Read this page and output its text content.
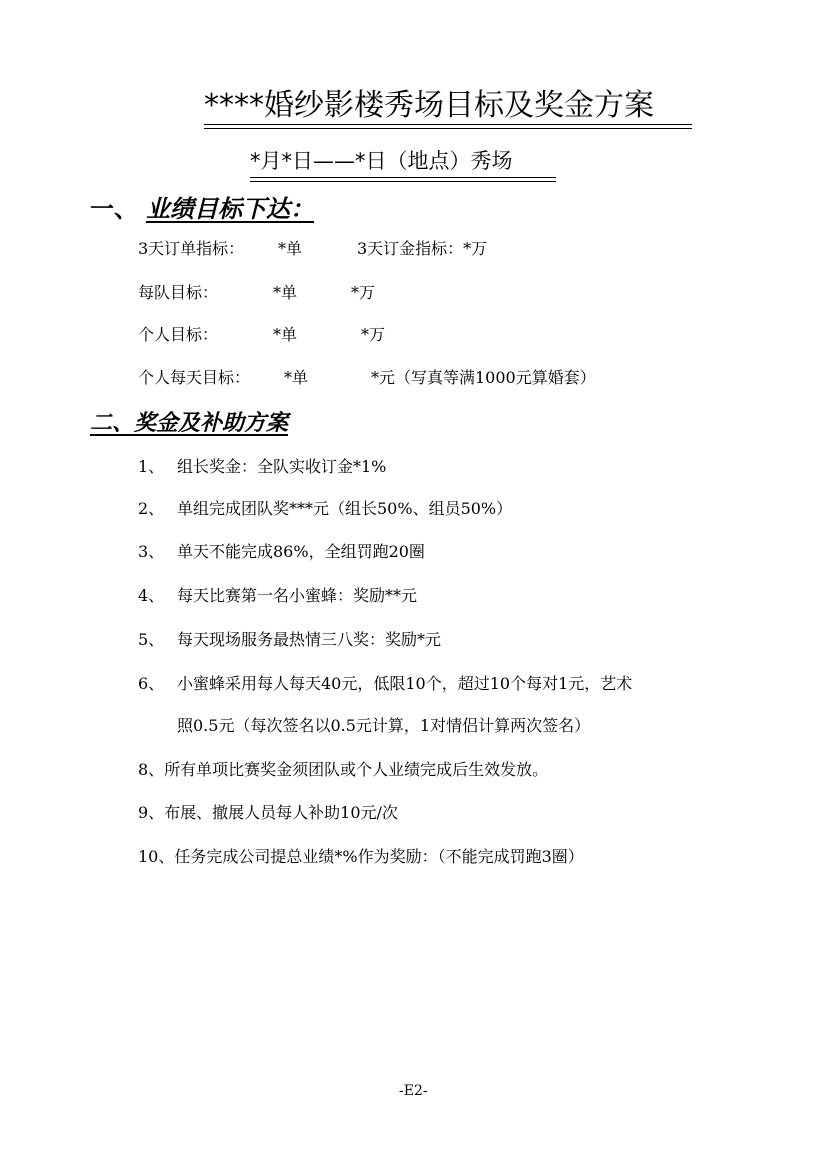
****婚纱影楼秀场目标及奖金方案
*月*日——*日（地点）秀场
一、 业绩目标下达：
3天订单指标： *单	3天订金指标：*万
每队目标：	*单	*万
个人目标：	*单	*万
个人每天目标： *单	*元（写真等满1000元算婚套）
二、奖金及补助方案
1、 组长奖金：全队实收订金*1%
2、 单组完成团队奖***元（组长50%、组员50%）
3、 单天不能完成86%，全组罚跑20圈
4、 每天比赛第一名小蜜蜂：奖励**元
5、 每天现场服务最热情三八奖：奖励*元
6、 小蜜蜂采用每人每天40元，低限10个，超过10个每对1元，艺术
照0.5元（每次签名以0.5元计算，1对情侣计算两次签名）
8、所有单项比赛奖金须团队或个人业绩完成后生效发放。
9、布展、撤展人员每人补助10元/次
10、任务完成公司提总业绩*%作为奖励：（不能完成罚跑3圈）
-E2-
